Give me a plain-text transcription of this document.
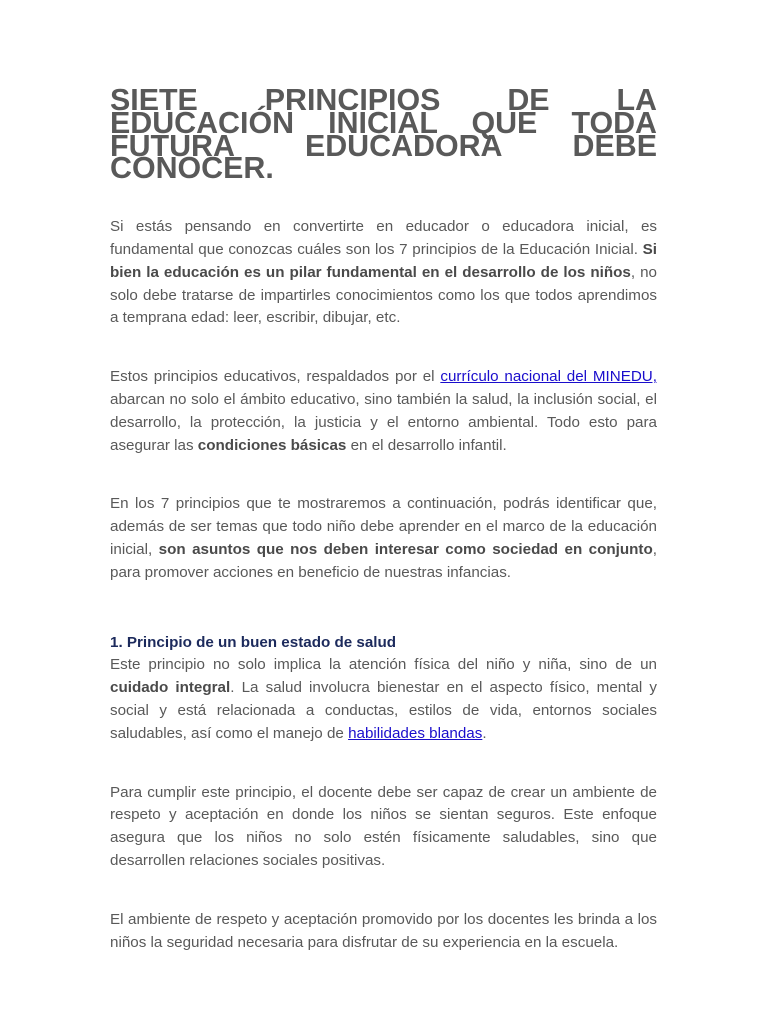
SIETE PRINCIPIOS DE LA EDUCACIÓN INICIAL QUE TODA FUTURA EDUCADORA DEBE CONOCER.

Si estás pensando en convertirte en educador o educadora inicial, es fundamental que conozcas cuáles son los 7 principios de la Educación Inicial. Si bien la educación es un pilar fundamental en el desarrollo de los niños, no solo debe tratarse de impartirles conocimientos como los que todos aprendimos a temprana edad: leer, escribir, dibujar, etc.

Estos principios educativos, respaldados por el currículo nacional del MINEDU, abarcan no solo el ámbito educativo, sino también la salud, la inclusión social, el desarrollo, la protección, la justicia y el entorno ambiental. Todo esto para asegurar las condiciones básicas en el desarrollo infantil.

En los 7 principios que te mostraremos a continuación, podrás identificar que, además de ser temas que todo niño debe aprender en el marco de la educación inicial, son asuntos que nos deben interesar como sociedad en conjunto, para promover acciones en beneficio de nuestras infancias.

1. Principio de un buen estado de salud

Este principio no solo implica la atención física del niño y niña, sino de un cuidado integral. La salud involucra bienestar en el aspecto físico, mental y social y está relacionada a conductas, estilos de vida, entornos sociales saludables, así como el manejo de habilidades blandas.

Para cumplir este principio, el docente debe ser capaz de crear un ambiente de respeto y aceptación en donde los niños se sientan seguros. Este enfoque asegura que los niños no solo estén físicamente saludables, sino que desarrollen relaciones sociales positivas.

El ambiente de respeto y aceptación promovido por los docentes les brinda a los niños la seguridad necesaria para disfrutar de su experiencia en la escuela.
